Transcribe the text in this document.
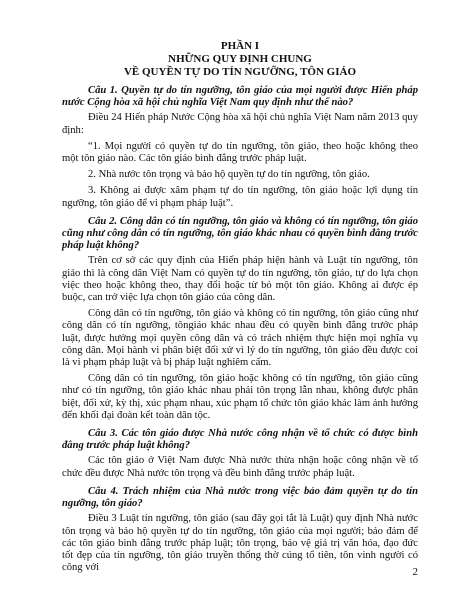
PHẦN I
NHỮNG QUY ĐỊNH CHUNG
VỀ QUYỀN TỰ DO TÍN NGƯỠNG, TÔN GIÁO

Câu 1. Quyền tự do tín ngưỡng, tôn giáo của mọi người được Hiến pháp nước Cộng hòa xã hội chủ nghĩa Việt Nam quy định như thế nào?

Điều 24 Hiến pháp Nước Cộng hòa xã hội chủ nghĩa Việt Nam năm 2013 quy định:

“1. Mọi người có quyền tự do tín ngưỡng, tôn giáo, theo hoặc không theo một tôn giáo nào. Các tôn giáo bình đẳng trước pháp luật.

2. Nhà nước tôn trọng và bảo hộ quyền tự do tín ngưỡng, tôn giáo.

3. Không ai được xâm phạm tự do tín ngưỡng, tôn giáo hoặc lợi dụng tín ngưỡng, tôn giáo để vi phạm pháp luật”.

Câu 2. Công dân có tín ngưỡng, tôn giáo và không có tín ngưỡng, tôn giáo cũng như công dân có tín ngưỡng, tôn giáo khác nhau có quyền bình đẳng trước pháp luật không?

Trên cơ sở các quy định của Hiến pháp hiện hành và Luật tín ngưỡng, tôn giáo thì là công dân Việt Nam có quyền tự do tín ngưỡng, tôn giáo, tự do lựa chọn việc theo hoặc không theo, thay đổi hoặc từ bỏ một tôn giáo. Không ai được ép buộc, can trở việc lựa chọn tôn giáo của công dân.

Công dân có tín ngưỡng, tôn giáo và không có tín ngưỡng, tôn giáo cũng như công dân có tín ngưỡng, tôngiáo khác nhau đều có quyền bình đẳng trước pháp luật, được hưởng mọi quyền công dân và có trách nhiệm thực hiện mọi nghĩa vụ công dân. Mọi hành vi phân biệt đối xử vì lý do tín ngưỡng, tôn giáo đều được coi là vi phạm pháp luật và bị pháp luật nghiêm cấm.

Công dân có tín ngưỡng, tôn giáo hoặc không có tín ngưỡng, tôn giáo cũng như có tín ngưỡng, tôn giáo khác nhau phải tôn trọng lẫn nhau, không được phân biệt, đối xử, kỳ thị, xúc phạm nhau, xúc phạm tổ chức tôn giáo khác làm ảnh hưởng đến khối đại đoàn kết toàn dân tộc.

Câu 3. Các tôn giáo được Nhà nước công nhận về tổ chức có được bình đẳng trước pháp luật không?

Các tôn giáo ở Việt Nam được Nhà nước thừa nhận hoặc công nhận về tổ chức đều được Nhà nước tôn trọng và đều bình đẳng trước pháp luật.

Câu 4. Trách nhiệm của Nhà nước trong việc bảo đảm quyền tự do tín ngưỡng, tôn giáo?

Điều 3 Luật tín ngưỡng, tôn giáo (sau đây gọi tắt là Luật) quy định Nhà nước tôn trọng và bảo hộ quyền tự do tín ngưỡng, tôn giáo của mọi người; bảo đảm để các tôn giáo bình đẳng trước pháp luật; tôn trọng, bảo vệ giá trị văn hóa, đạo đức tốt đẹp của tín ngưỡng, tôn giáo truyền thống thờ cúng tổ tiên, tôn vinh người có công với	2
